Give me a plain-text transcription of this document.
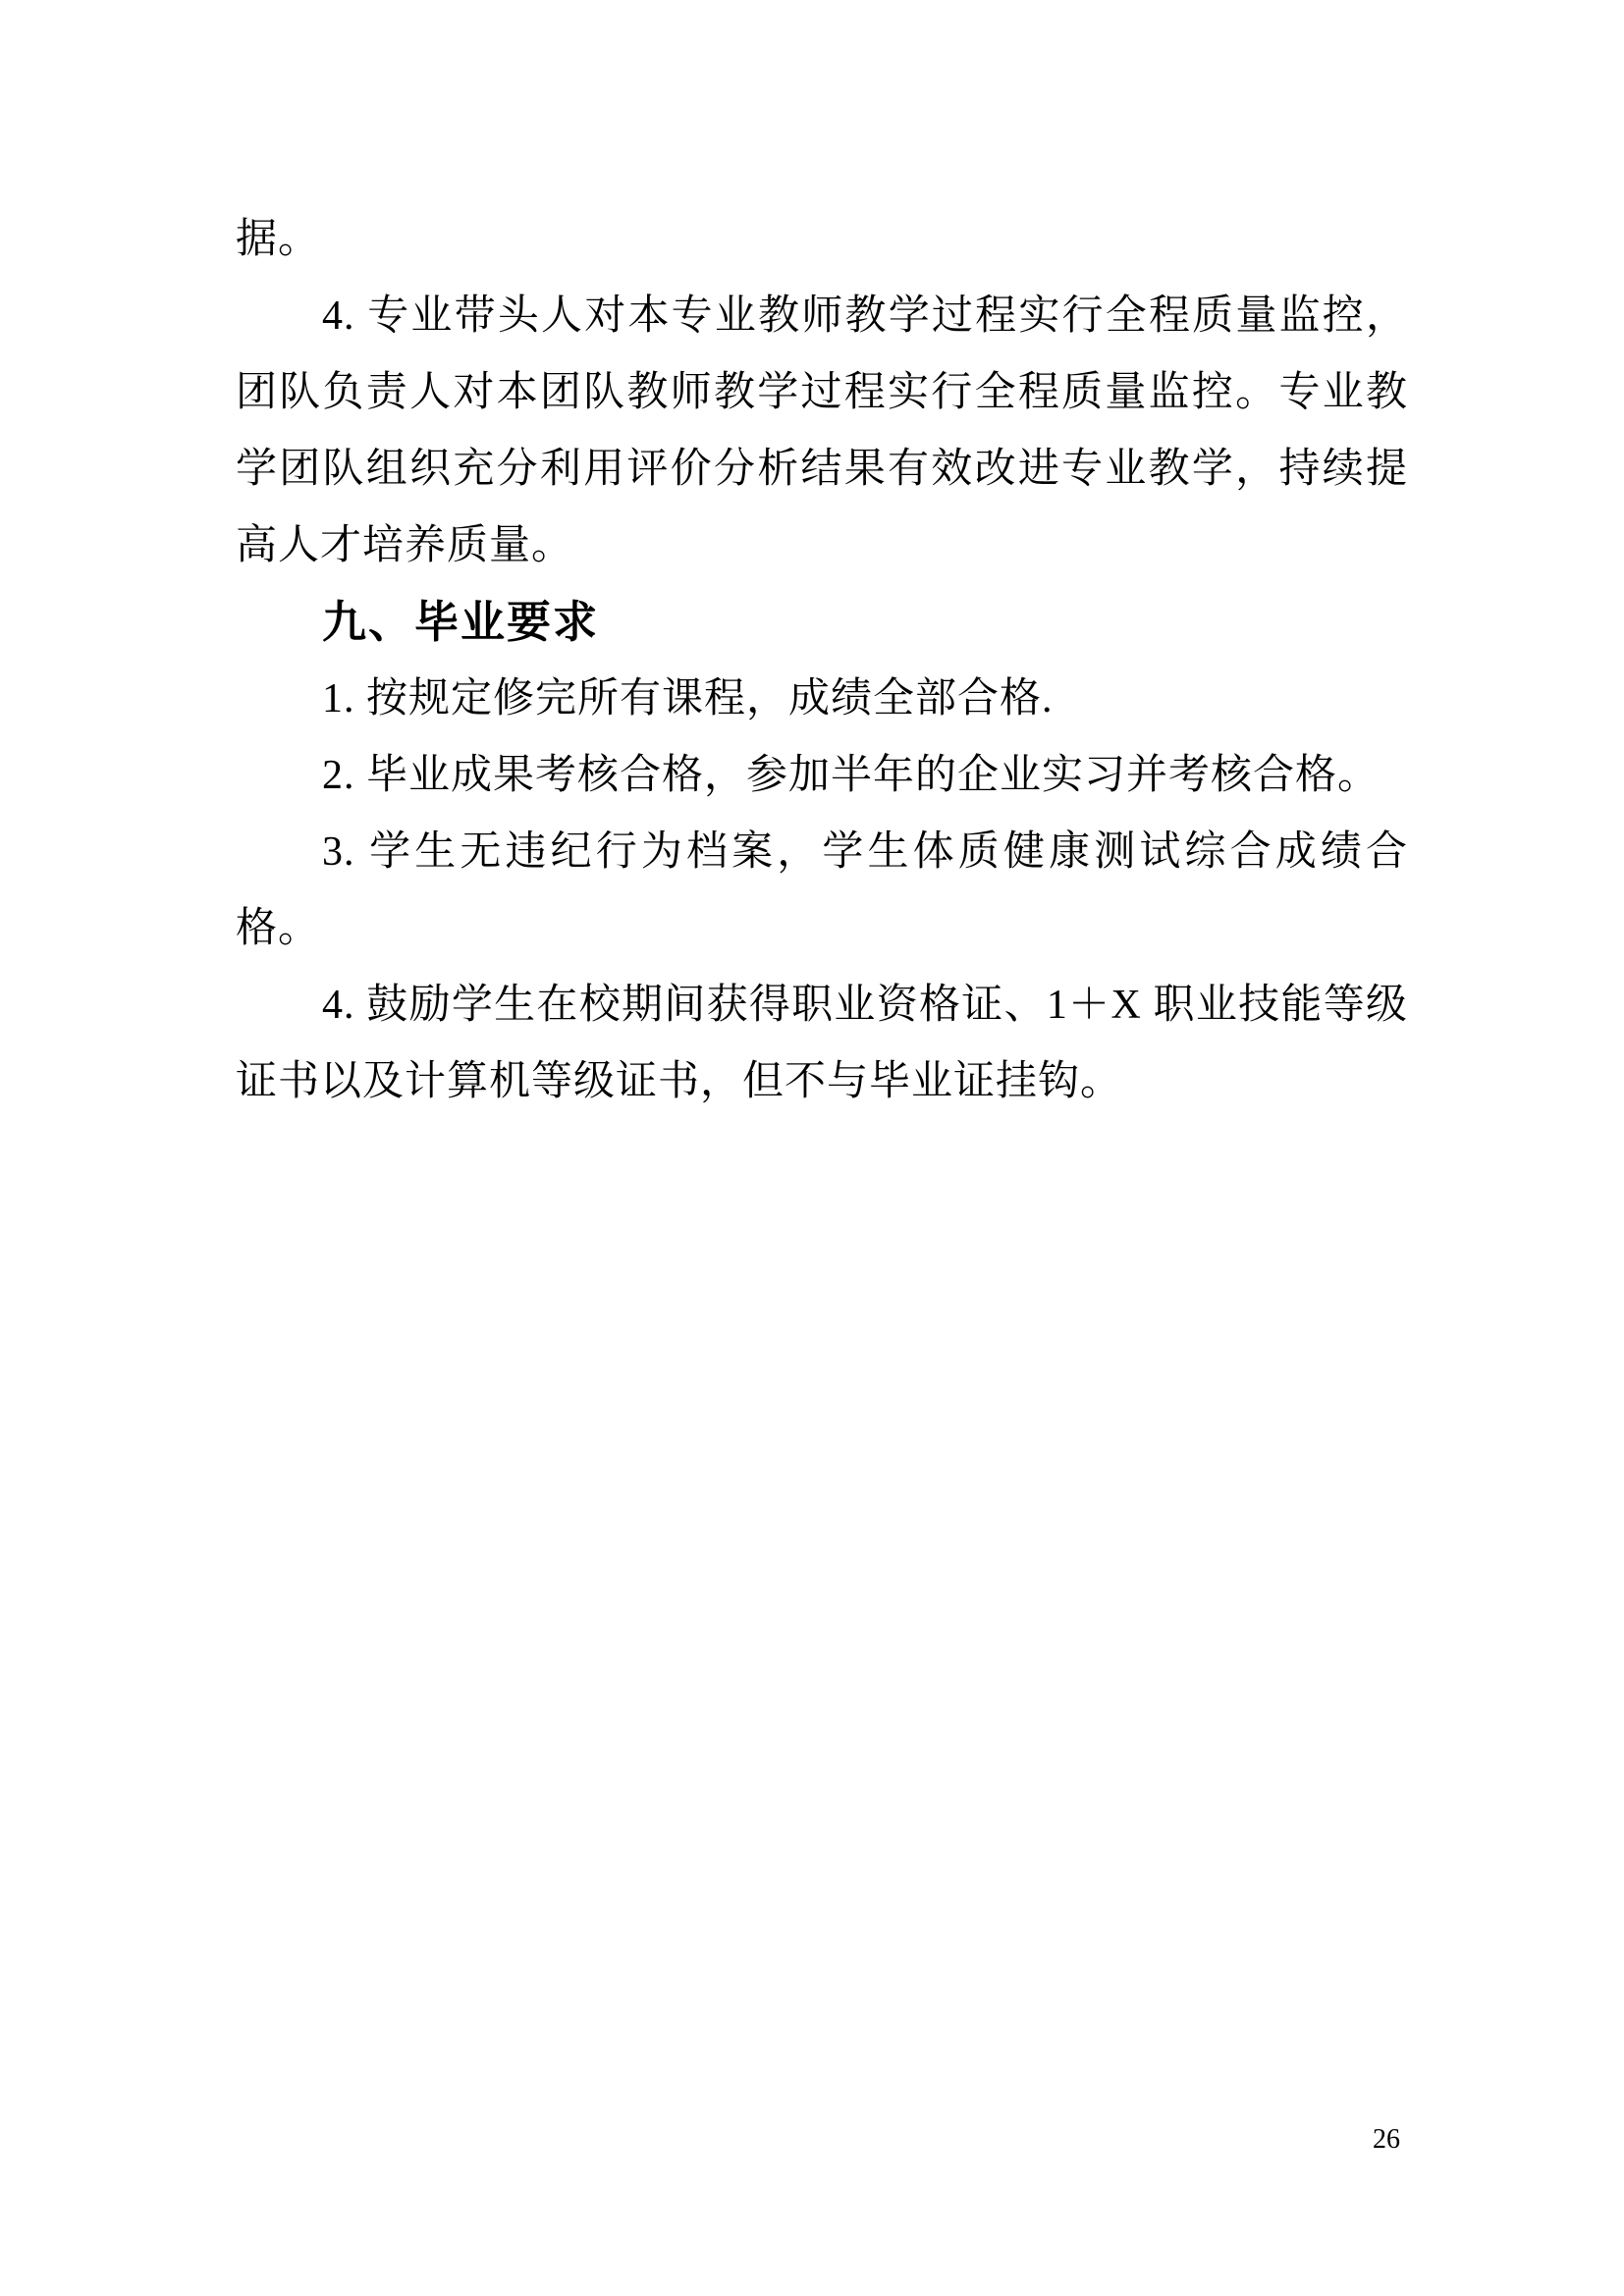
据。
4. 专业带头人对本专业教师教学过程实行全程质量监控，
团队负责人对本团队教师教学过程实行全程质量监控。专业教
学团队组织充分利用评价分析结果有效改进专业教学，持续提
高人才培养质量。
九、毕业要求
1. 按规定修完所有课程，成绩全部合格.
2. 毕业成果考核合格，参加半年的企业实习并考核合格。
3. 学生无违纪行为档案，学生体质健康测试综合成绩合
格。
4. 鼓励学生在校期间获得职业资格证、1＋X 职业技能等级
证书以及计算机等级证书，但不与毕业证挂钩。
26
